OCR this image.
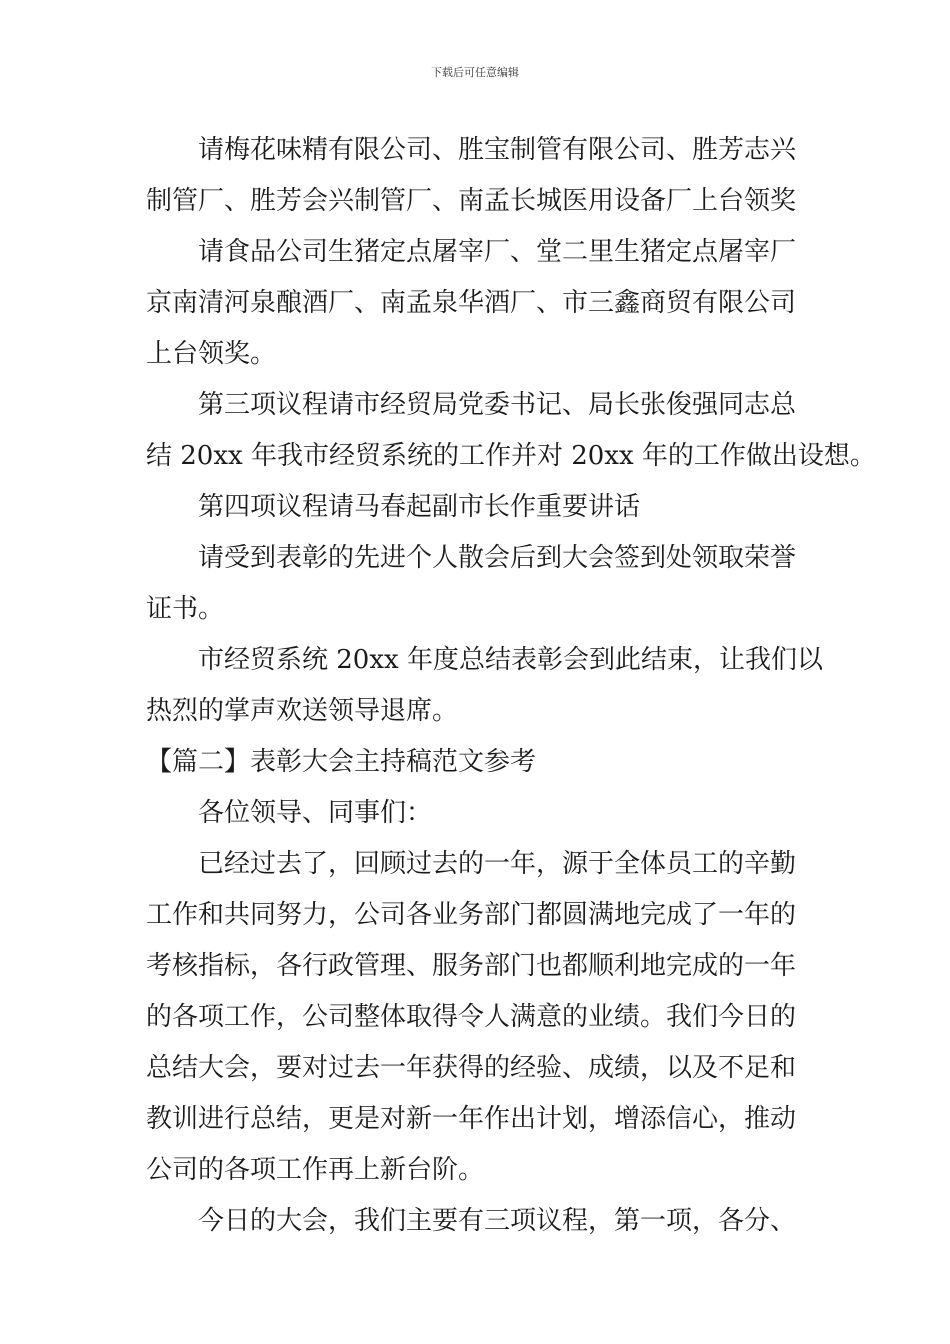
下载后可任意编辑

请梅花味精有限公司、胜宝制管有限公司、胜芳志兴
制管厂、胜芳会兴制管厂、南孟长城医用设备厂上台领奖

请食品公司生猪定点屠宰厂、堂二里生猪定点屠宰厂
京南清河泉酿酒厂、南孟泉华酒厂、市三鑫商贸有限公司
上台领奖。

第三项议程请市经贸局党委书记、局长张俊强同志总
结 20xx 年我市经贸系统的工作并对 20xx 年的工作做出设想。

第四项议程请马春起副市长作重要讲话

请受到表彰的先进个人散会后到大会签到处领取荣誉
证书。

市经贸系统 20xx 年度总结表彰会到此结束，让我们以
热烈的掌声欢送领导退席。

【篇二】表彰大会主持稿范文参考

各位领导、同事们：

已经过去了，回顾过去的一年，源于全体员工的辛勤
工作和共同努力，公司各业务部门都圆满地完成了一年的
考核指标，各行政管理、服务部门也都顺利地完成的一年
的各项工作，公司整体取得令人满意的业绩。我们今日的
总结大会，要对过去一年获得的经验、成绩，以及不足和
教训进行总结，更是对新一年作出计划，增添信心，推动
公司的各项工作再上新台阶。

今日的大会，我们主要有三项议程，第一项，各分、
